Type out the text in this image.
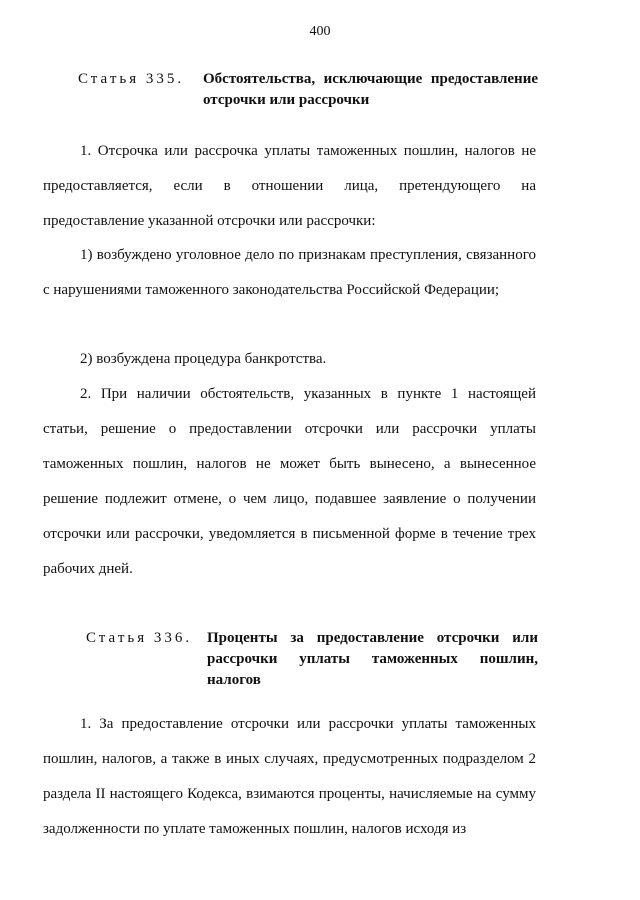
400
Статья 335.	Обстоятельства, исключающие предоставление отсрочки или рассрочки

1. Отсрочка или рассрочка уплаты таможенных пошлин, налогов не предоставляется, если в отношении лица, претендующего на предоставление указанной отсрочки или рассрочки:

1) возбуждено уголовное дело по признакам преступления, связанного с нарушениями таможенного законодательства Российской Федерации;

2) возбуждена процедура банкротства.

2. При наличии обстоятельств, указанных в пункте 1 настоящей статьи, решение о предоставлении отсрочки или рассрочки уплаты таможенных пошлин, налогов не может быть вынесено, а вынесенное решение подлежит отмене, о чем лицо, подавшее заявление о получении отсрочки или рассрочки, уведомляется в письменной форме в течение трех рабочих дней.

Статья 336. Проценты за предоставление отсрочки или рассрочки уплаты таможенных пошлин, налогов

1. За предоставление отсрочки или рассрочки уплаты таможенных пошлин, налогов, а также в иных случаях, предусмотренных подразделом 2 раздела II настоящего Кодекса, взимаются проценты, начисляемые на сумму задолженности по уплате таможенных пошлин, налогов исходя из
